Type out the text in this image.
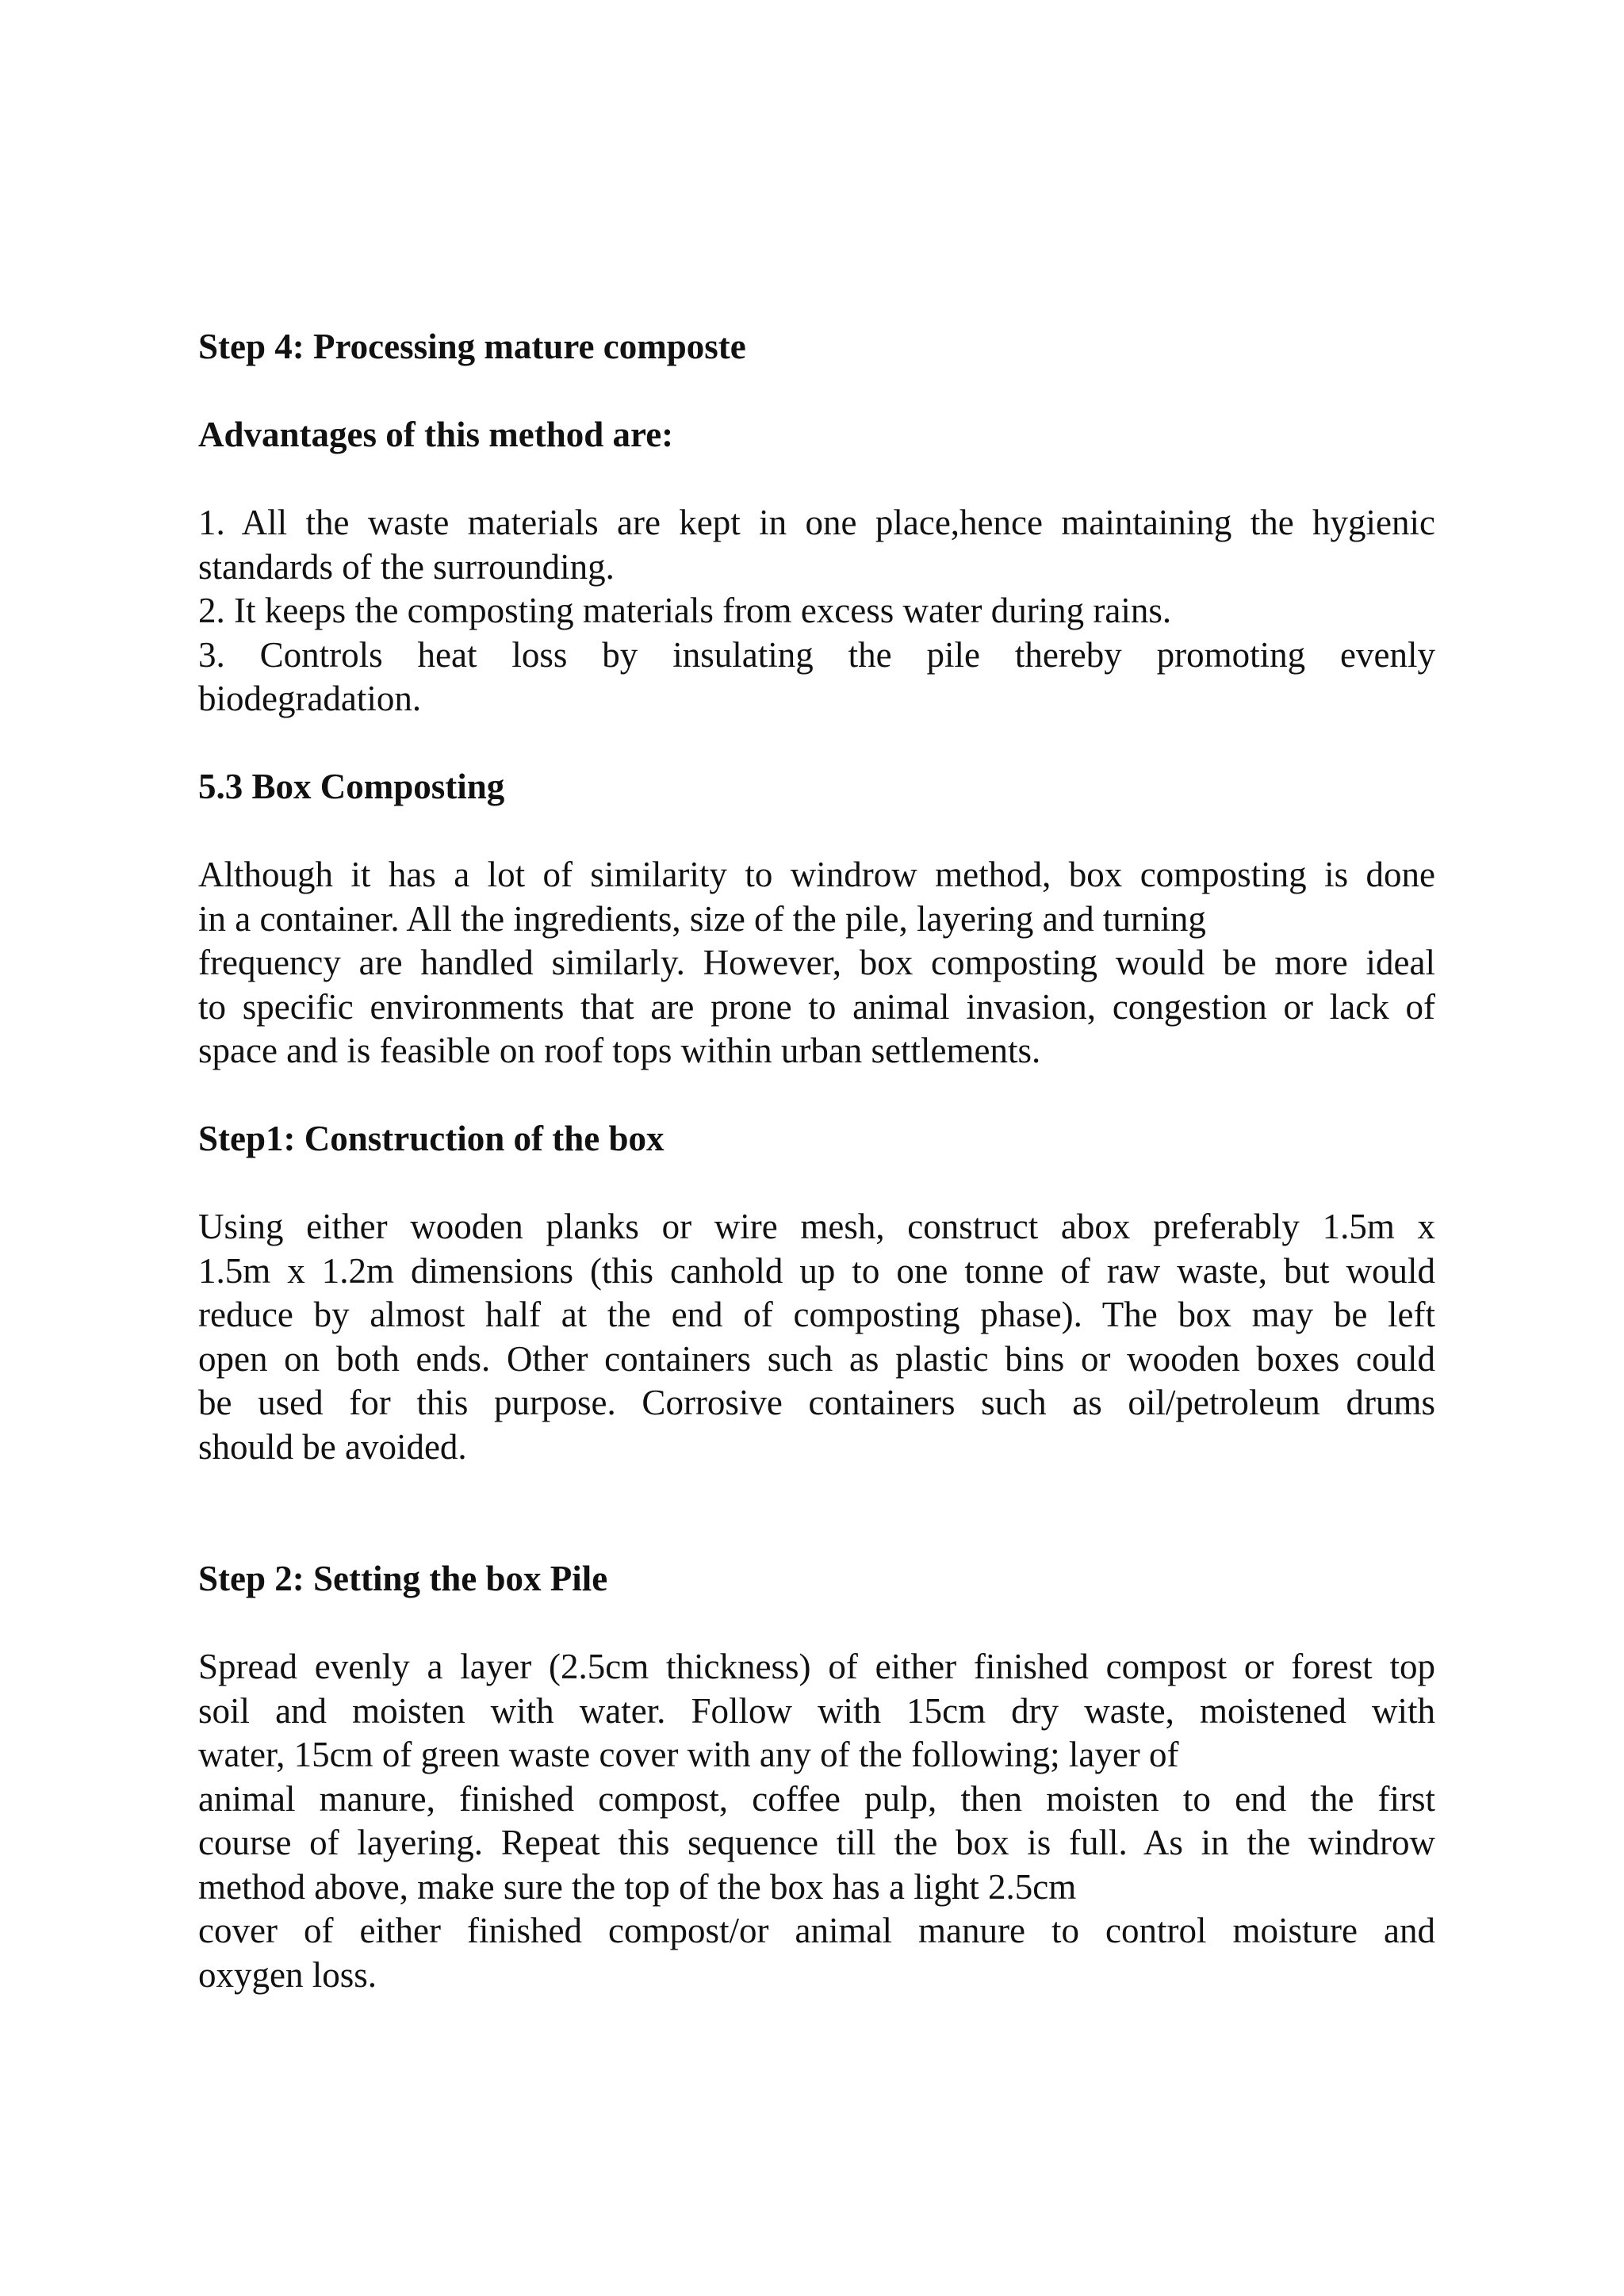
Step 4: Processing mature composte

Advantages of this method are:

1. All the waste materials are kept in one place,hence maintaining the hygienic
standards of the surrounding.
2. It keeps the composting materials from excess water during rains.
3. Controls heat loss by insulating the pile thereby promoting evenly
biodegradation.

5.3 Box Composting

Although it has a lot of similarity to windrow method, box composting is done
in a container. All the ingredients, size of the pile, layering and turning
frequency are handled similarly. However, box composting would be more ideal
to specific environments that are prone to animal invasion, congestion or lack of
space and is feasible on roof tops within urban settlements.

Step1: Construction of the box

Using either wooden planks or wire mesh, construct abox preferably 1.5m x
1.5m x 1.2m dimensions (this canhold up to one tonne of raw waste, but would
reduce by almost half at the end of composting phase). The box may be left
open on both ends. Other containers such as plastic bins or wooden boxes could
be used for this purpose. Corrosive containers such as oil/petroleum drums
should be avoided.

Step 2: Setting the box Pile

Spread evenly a layer (2.5cm thickness) of either finished compost or forest top
soil and moisten with water. Follow with 15cm dry waste, moistened with
water, 15cm of green waste cover with any of the following; layer of
animal manure, finished compost, coffee pulp, then moisten to end the first
course of layering. Repeat this sequence till the box is full. As in the windrow
method above, make sure the top of the box has a light 2.5cm
cover of either finished compost/or animal manure to control moisture and
oxygen loss.
